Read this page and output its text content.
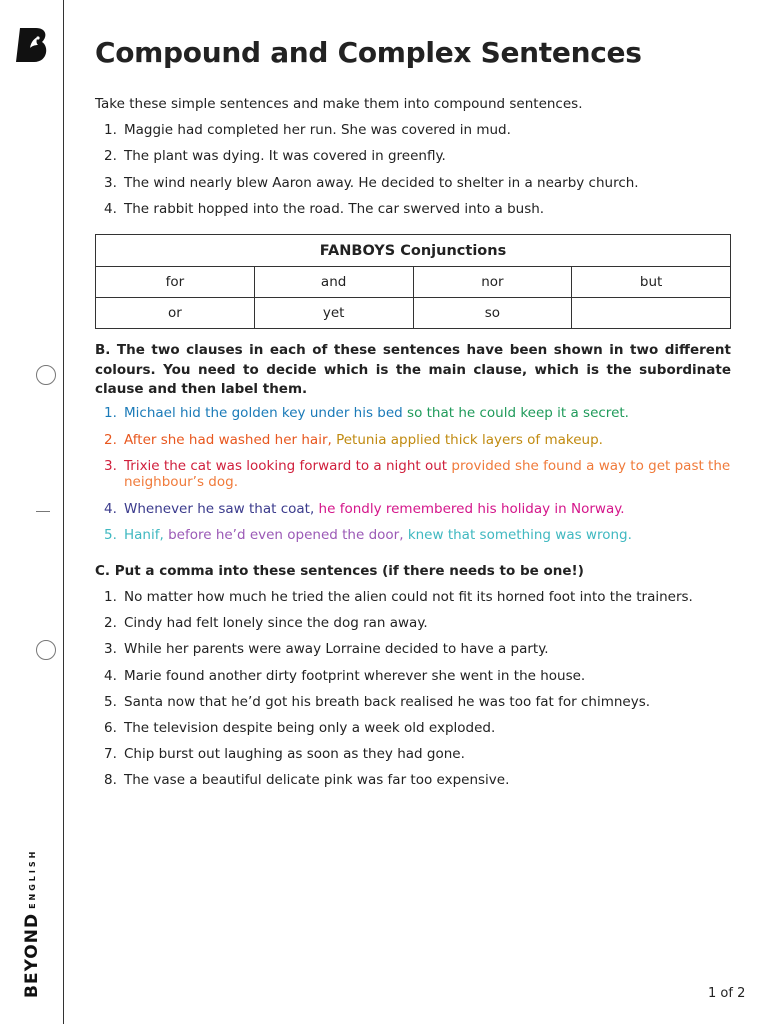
BEYONDENGLISH
Compound and Complex Sentences
Take these simple sentences and make them into compound sentences.
1. Maggie had completed her run. She was covered in mud.
2. The plant was dying. It was covered in greenfly.
3. The wind nearly blew Aaron away. He decided to shelter in a nearby church.
4. The rabbit hopped into the road. The car swerved into a bush.
FANBOYS Conjunctions			
for	and	nor	but
or	yet	so	
B. The two clauses in each of these sentences have been shown in two different colours. You need to decide which is the main clause, which is the subordinate clause and then label them.
1. Michael hid the golden key under his bed so that he could keep it a secret.
2. After she had washed her hair, Petunia applied thick layers of makeup.
3. Trixie the cat was looking forward to a night out provided she found a way to get past the neighbour’s dog.
4. Whenever he saw that coat, he fondly remembered his holiday in Norway.
5. Hanif, before he’d even opened the door, knew that something was wrong.
C. Put a comma into these sentences (if there needs to be one!)
1. No matter how much he tried the alien could not fit its horned foot into the trainers.
2. Cindy had felt lonely since the dog ran away.
3. While her parents were away Lorraine decided to have a party.
4. Marie found another dirty footprint wherever she went in the house.
5. Santa now that he’d got his breath back realised he was too fat for chimneys.
6. The television despite being only a week old exploded.
7. Chip burst out laughing as soon as they had gone.
8. The vase a beautiful delicate pink was far too expensive.
1 of 2
